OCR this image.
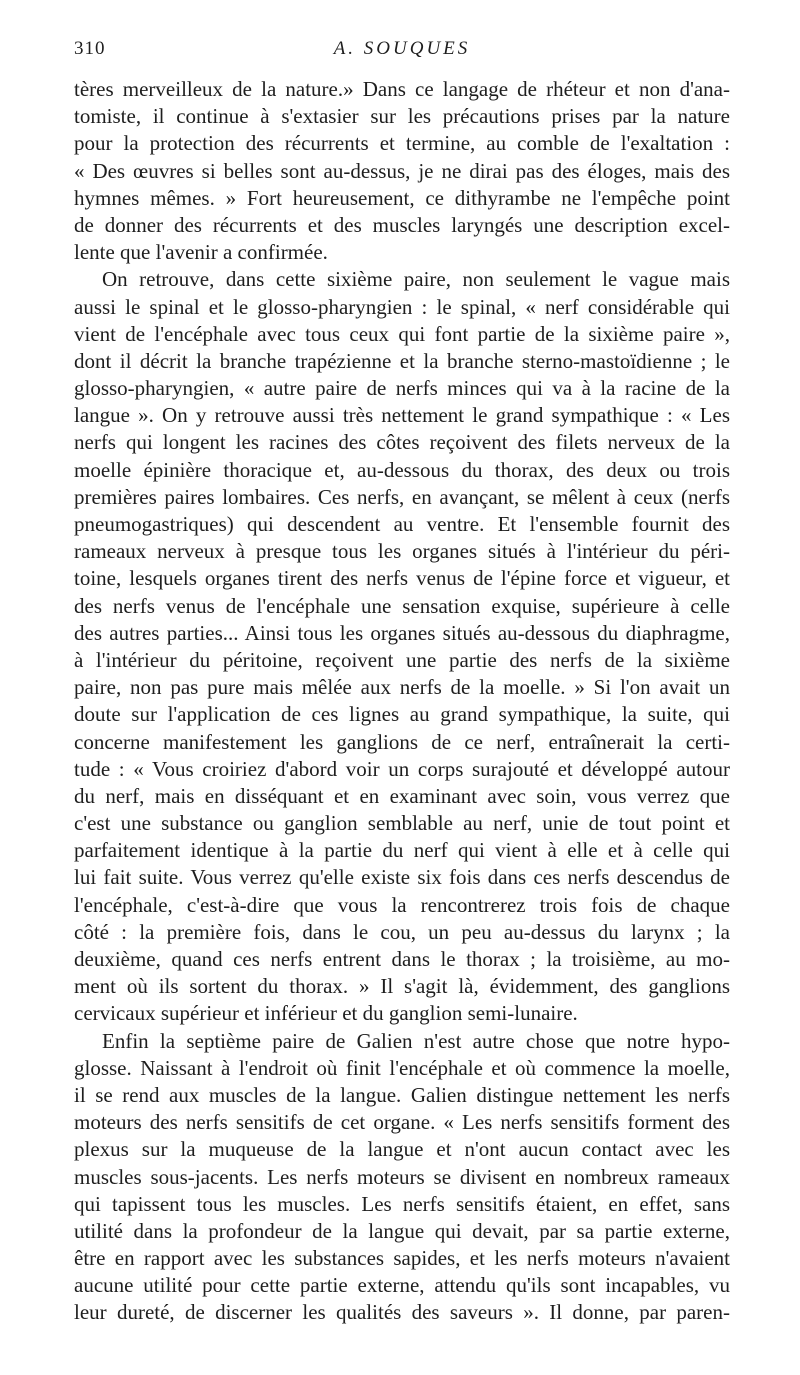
310	A. SOUQUES
tères merveilleux de la nature.» Dans ce langage de rhéteur et non d'ana-
tomiste, il continue à s'extasier sur les précautions prises par la nature
pour la protection des récurrents et termine, au comble de l'exaltation :
« Des œuvres si belles sont au-dessus, je ne dirai pas des éloges, mais des
hymnes mêmes. » Fort heureusement, ce dithyrambe ne l'empêche point
de donner des récurrents et des muscles laryngés une description excel-
lente que l'avenir a confirmée.
On retrouve, dans cette sixième paire, non seulement le vague mais
aussi le spinal et le glosso-pharyngien : le spinal, « nerf considérable qui
vient de l'encéphale avec tous ceux qui font partie de la sixième paire »,
dont il décrit la branche trapézienne et la branche sterno-mastoïdienne ; le
glosso-pharyngien, « autre paire de nerfs minces qui va à la racine de la
langue ». On y retrouve aussi très nettement le grand sympathique : « Les
nerfs qui longent les racines des côtes reçoivent des filets nerveux de la
moelle épinière thoracique et, au-dessous du thorax, des deux ou trois
premières paires lombaires. Ces nerfs, en avançant, se mêlent à ceux (nerfs
pneumogastriques) qui descendent au ventre. Et l'ensemble fournit des
rameaux nerveux à presque tous les organes situés à l'intérieur du péri-
toine, lesquels organes tirent des nerfs venus de l'épine force et vigueur, et
des nerfs venus de l'encéphale une sensation exquise, supérieure à celle
des autres parties... Ainsi tous les organes situés au-dessous du diaphragme,
à l'intérieur du péritoine, reçoivent une partie des nerfs de la sixième
paire, non pas pure mais mêlée aux nerfs de la moelle. » Si l'on avait un
doute sur l'application de ces lignes au grand sympathique, la suite, qui
concerne manifestement les ganglions de ce nerf, entraînerait la certi-
tude : « Vous croiriez d'abord voir un corps surajouté et développé autour
du nerf, mais en disséquant et en examinant avec soin, vous verrez que
c'est une substance ou ganglion semblable au nerf, unie de tout point et
parfaitement identique à la partie du nerf qui vient à elle et à celle qui
lui fait suite. Vous verrez qu'elle existe six fois dans ces nerfs descendus de
l'encéphale, c'est-à-dire que vous la rencontrerez trois fois de chaque
côté : la première fois, dans le cou, un peu au-dessus du larynx ; la
deuxième, quand ces nerfs entrent dans le thorax ; la troisième, au mo-
ment où ils sortent du thorax. » Il s'agit là, évidemment, des ganglions
cervicaux supérieur et inférieur et du ganglion semi-lunaire.
Enfin la septième paire de Galien n'est autre chose que notre hypo-
glosse. Naissant à l'endroit où finit l'encéphale et où commence la moelle,
il se rend aux muscles de la langue. Galien distingue nettement les nerfs
moteurs des nerfs sensitifs de cet organe. « Les nerfs sensitifs forment des
plexus sur la muqueuse de la langue et n'ont aucun contact avec les
muscles sous-jacents. Les nerfs moteurs se divisent en nombreux rameaux
qui tapissent tous les muscles. Les nerfs sensitifs étaient, en effet, sans
utilité dans la profondeur de la langue qui devait, par sa partie externe,
être en rapport avec les substances sapides, et les nerfs moteurs n'avaient
aucune utilité pour cette partie externe, attendu qu'ils sont incapables, vu
leur dureté, de discerner les qualités des saveurs ». Il donne, par paren-
